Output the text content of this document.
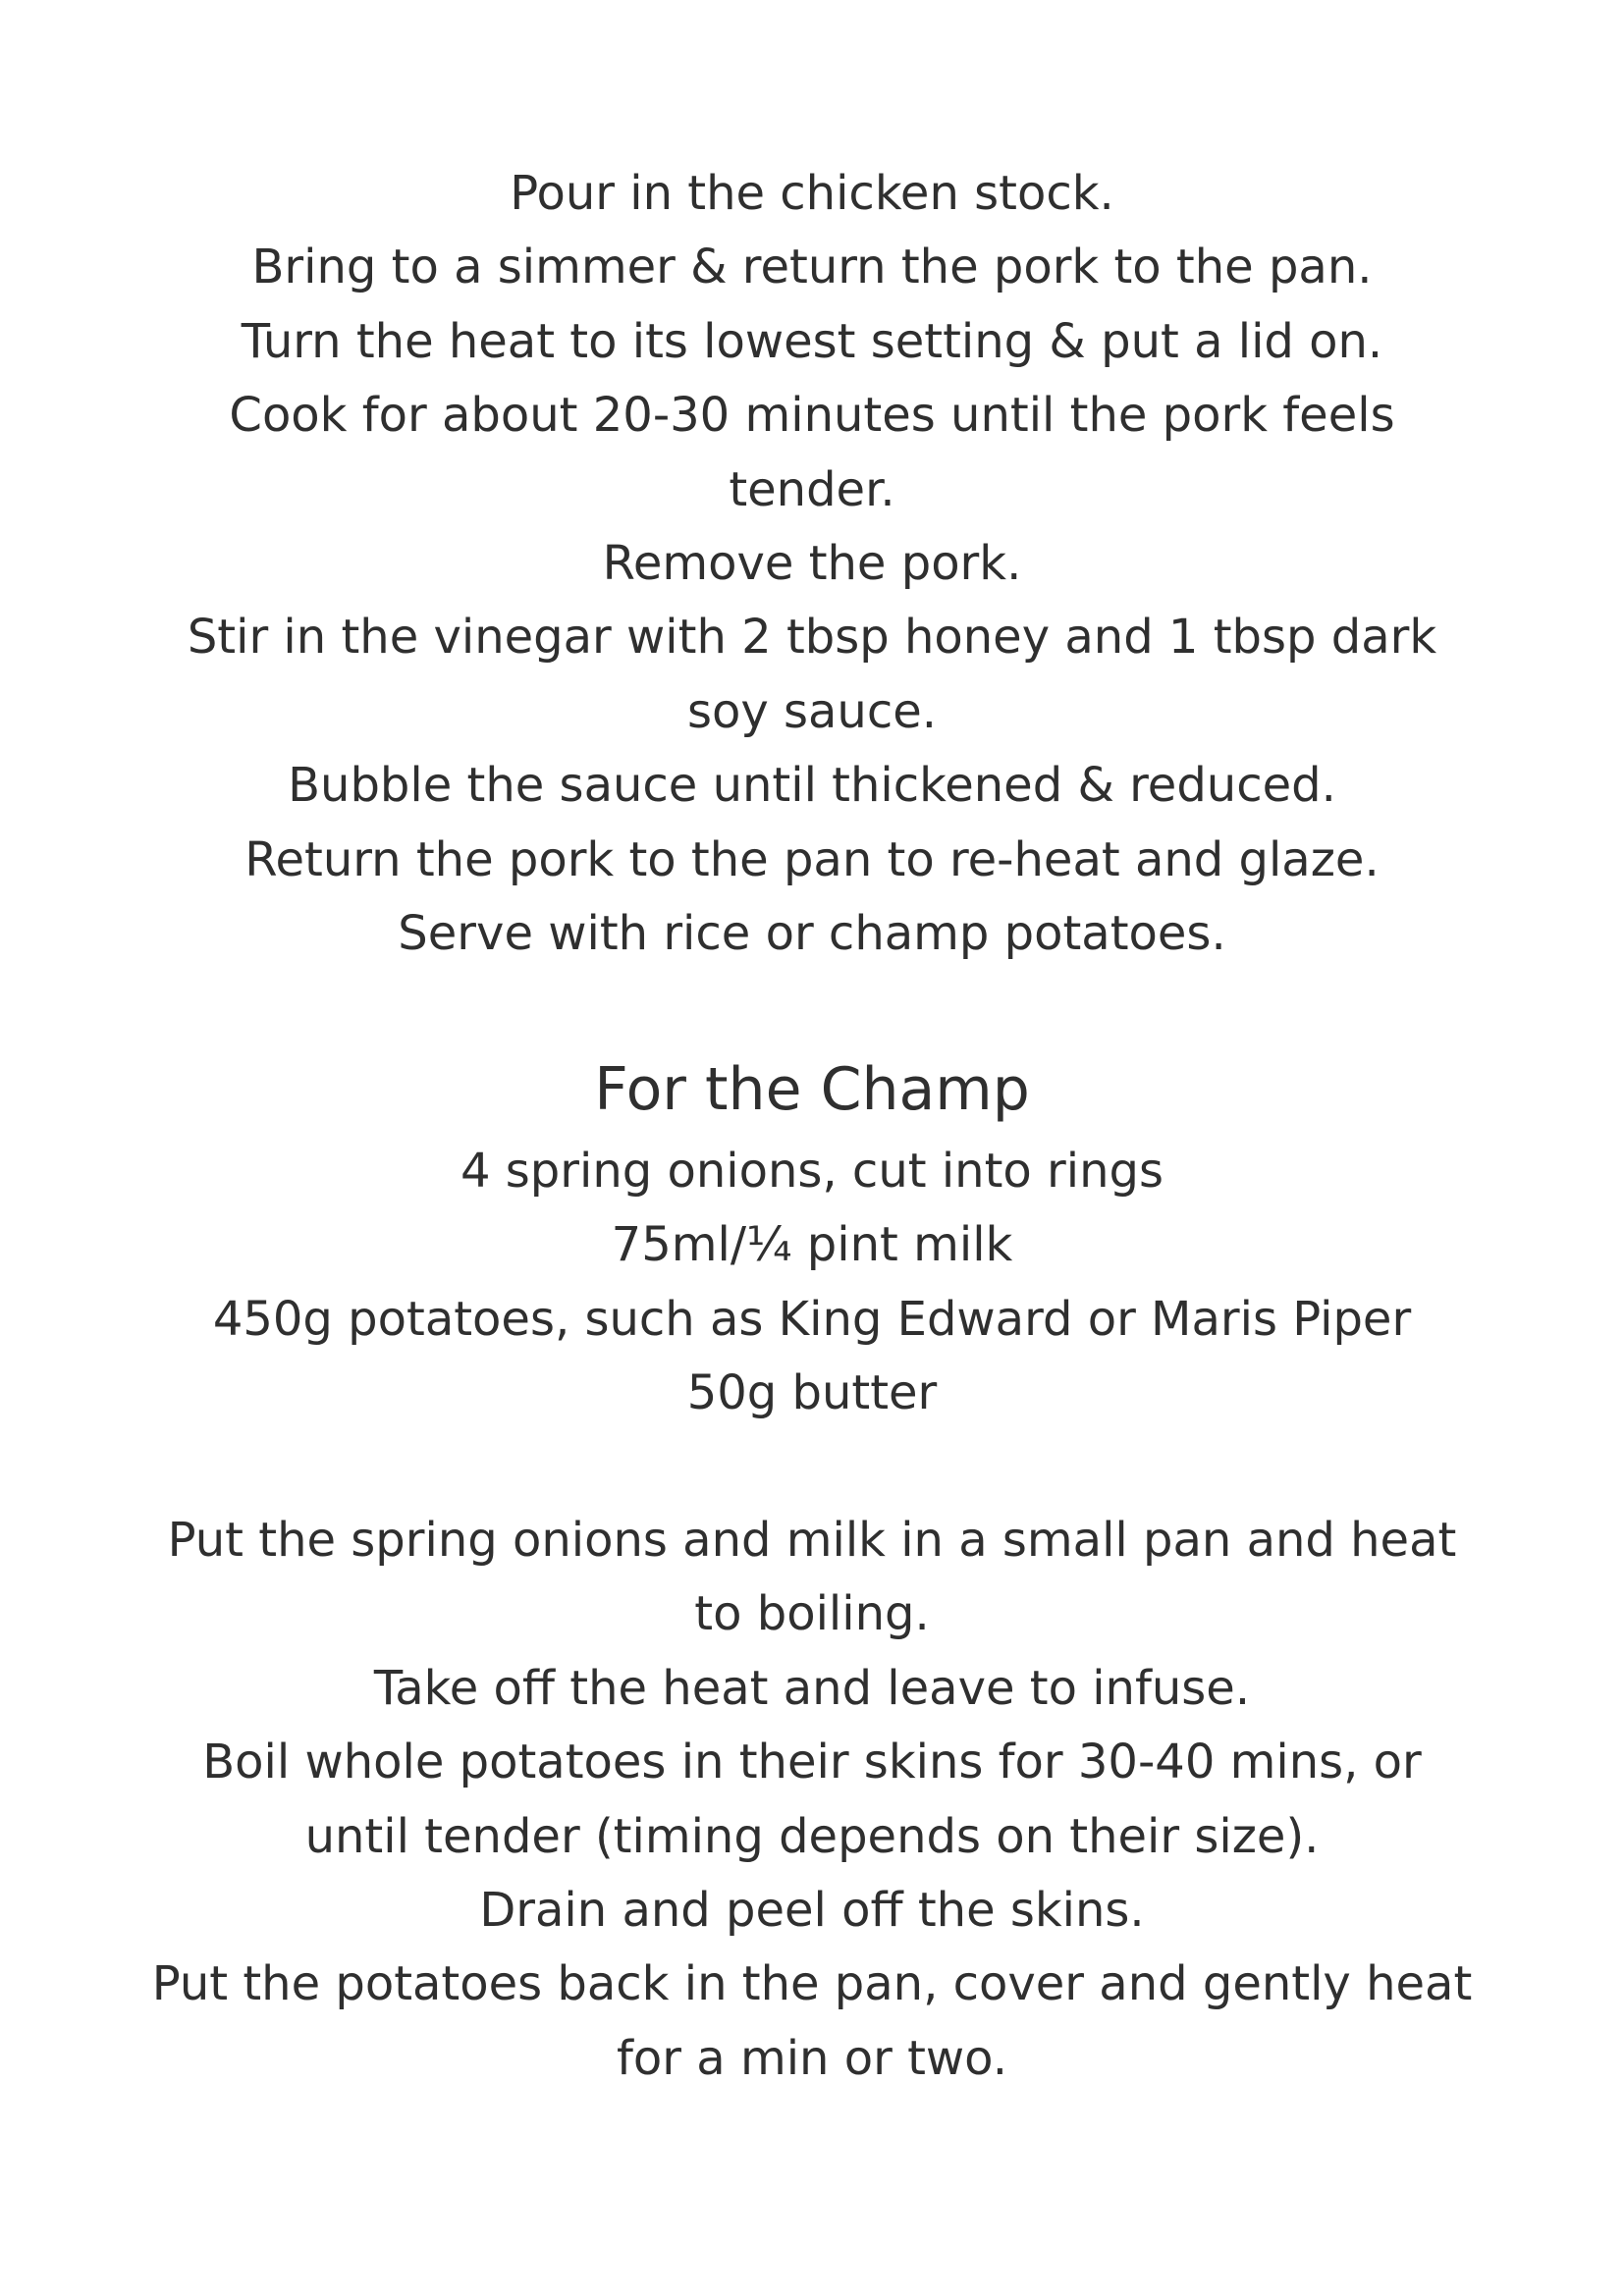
Pour in the chicken stock.

Bring to a simmer & return the pork to the pan.

Turn the heat to its lowest setting & put a lid on.

Cook for about 20-30 minutes until the pork feels tender.

Remove the pork.

Stir in the vinegar with 2 tbsp honey and 1 tbsp dark soy sauce.

Bubble the sauce until thickened & reduced.

Return the pork to the pan to re-heat and glaze.

Serve with rice or champ potatoes.

For the Champ

4 spring onions, cut into rings

75ml/¼ pint milk

450g potatoes, such as King Edward or Maris Piper

50g butter

Put the spring onions and milk in a small pan and heat to boiling.

Take off the heat and leave to infuse.

Boil whole potatoes in their skins for 30-40 mins, or until tender (timing depends on their size).

Drain and peel off the skins.

Put the potatoes back in the pan, cover and gently heat for a min or two.
